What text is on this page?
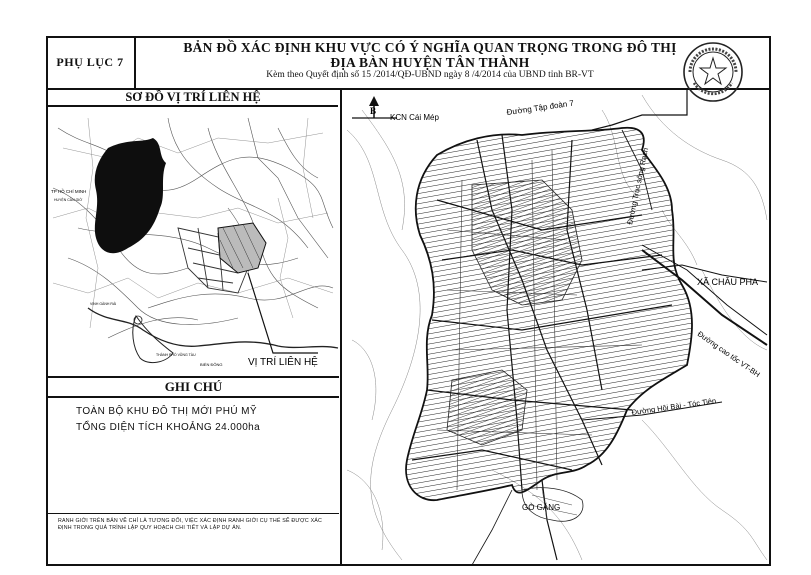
PHỤ LỤC 7
BẢN ĐỒ XÁC ĐỊNH KHU VỰC CÓ Ý NGHĨA QUAN TRỌNG TRONG ĐÔ THỊ
ĐỊA BÀN HUYỆN TÂN THÀNH
Kèm theo Quyết định số 15 /2014/QĐ-UBND ngày 8 /4/2014 của UBND tỉnh BR-VT
SƠ ĐỒ VỊ TRÍ LIÊN HỆ
VỊ TRÍ LIÊN HỆ
TP HỒ CHÍ MINH
HUYỆN CẦN GIỜ
VỊNH GÀNH RÁI
THÀNH PHỐ VŨNG TÀU
BIỂN ĐÔNG
GHI CHÚ
TOÀN BỘ KHU ĐÔ THỊ MỚI PHÚ MỸ
TỔNG DIỆN TÍCH KHOẢNG 24.000ha
RANH GIỚI TRÊN BẢN VẼ CHỈ LÀ TƯƠNG ĐỐI, VIỆC XÁC ĐỊNH RANH GIỚI CỤ THỂ SẼ ĐƯỢC XÁC ĐỊNH TRONG QUÁ TRÌNH LẬP QUY HOẠCH CHI TIẾT VÀ LẬP DỰ ÁN.
B
KCN Cái Mép
Đường Tập đoàn 7
Đường Trục sông Rạch
XÃ CHÂU PHA
Đường cao tốc VT-BH
Đường Hội Bài - Tóc Tiên
GÒ GĂNG
